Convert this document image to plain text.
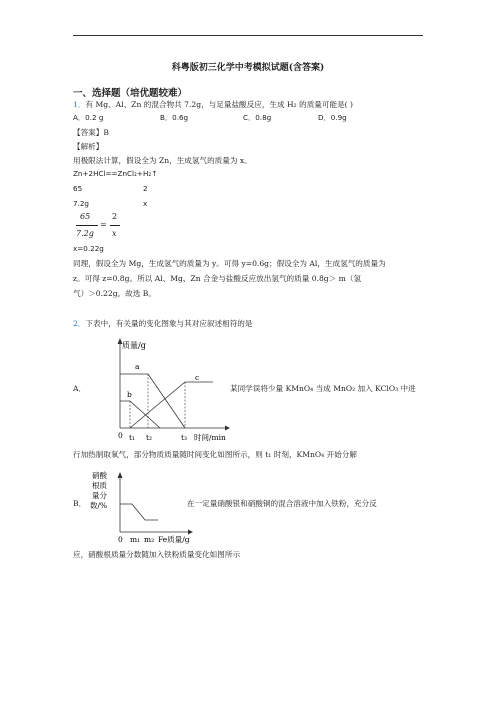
科粤版初三化学中考模拟试题(含答案)
一、选择题（培优题较难）
1．有 Mg、Al、Zn 的混合物共 7.2g，与足量盐酸反应，生成 H₂ 的质量可能是( )
A．0.2 g	B．0.6g	C．0.8g	D．0.9g
【答案】B
【解析】
用极限法计算，假设全为 Zn，生成氢气的质量为 x。
Zn+2HCl==ZnCl₂+H₂↑
65	2
7.2g	x
65
7.2g
=
2
x
x=0.22g
同理，假设全为 Mg，生成氢气的质量为 y。可得 y=0.6g；假设全为 Al，生成氢气的质量为
z。可得 z=0.8g。所以 Al、Mg、Zn 合金与盐酸反应放出氢气的质量 0.8g＞ m（氢
气）＞0.22g。故选 B。
2．下表中，有关量的变化图象与其对应叙述相符的是
A．
质量/g
a
b
c
0 t₁ t₂	t₃ 时间/min
某同学误将少量 KMnO₄ 当成 MnO₂ 加入 KClO₃ 中进
行加热制取氧气，部分物质质量随时间变化如图所示，则 t₁ 时刻，KMnO₄ 开始分解
B．
硝酸
根质
量分
数/%
0 m₁ m₂ Fe质量/g
在一定量硝酸银和硝酸铜的混合溶液中加入铁粉，充分反
应，硝酸根质量分数随加入铁粉质量变化如图所示
